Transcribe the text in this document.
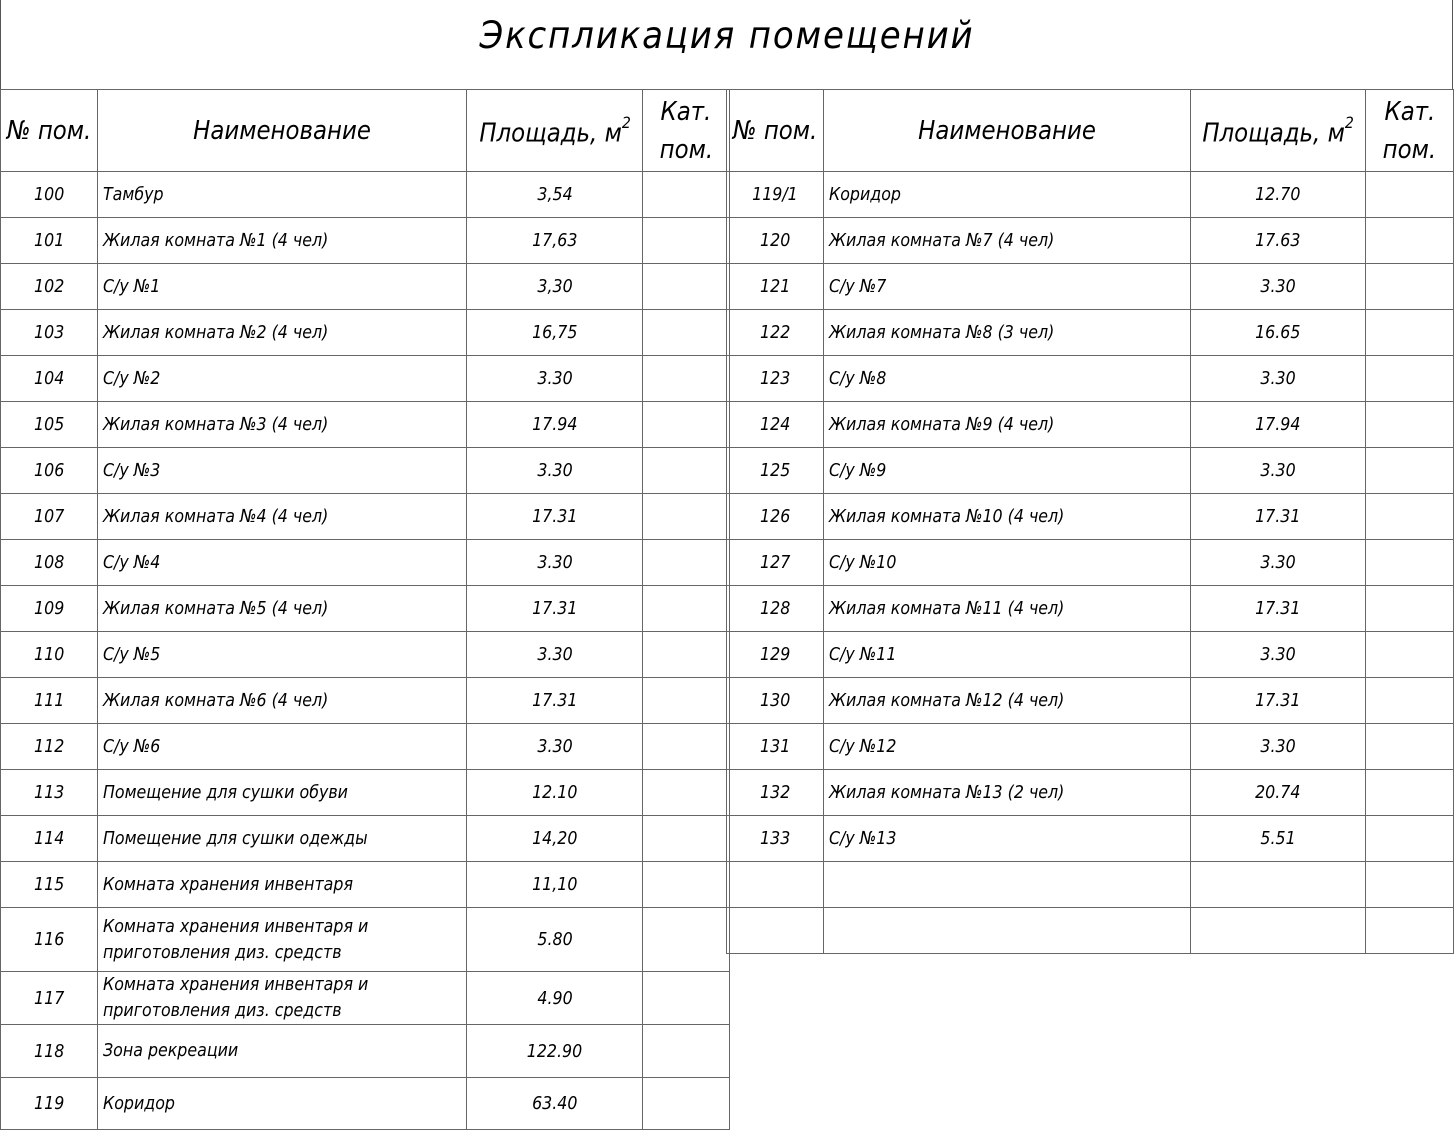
Экспликация помещений
№ пом.	Наименование	Площадь, $м^2$	Кат.
пом.
100	Тамбур	3,54	
101	Жилая комната №1 (4 чел)	17,63	
102	С/у №1	3,30	
103	Жилая комната №2 (4 чел)	16,75	
104	С/у №2	3.30	
105	Жилая комната №3 (4 чел)	17.94	
106	С/у №3	3.30	
107	Жилая комната №4 (4 чел)	17.31	
108	С/у №4	3.30	
109	Жилая комната №5 (4 чел)	17.31	
110	С/у №5	3.30	
111	Жилая комната №6 (4 чел)	17.31	
112	С/у №6	3.30	
113	Помещение для сушки обуви	12.10	
114	Помещение для сушки одежды	14,20	
115	Комната хранения инвентаря	11,10	
116	Комната хранения инвентаря и
приготовления диз. средств	5.80	
117	Комната хранения инвентаря и
приготовления диз. средств	4.90	
118	Зона рекреации	122.90	
119	Коридор	63.40	
№ пом.	Наименование	Площадь, $м^2$	Кат.
пом.
119/1	Коридор	12.70	
120	Жилая комната №7 (4 чел)	17.63	
121	С/у №7	3.30	
122	Жилая комната №8 (3 чел)	16.65	
123	С/у №8	3.30	
124	Жилая комната №9 (4 чел)	17.94	
125	С/у №9	3.30	
126	Жилая комната №10 (4 чел)	17.31	
127	С/у №10	3.30	
128	Жилая комната №11 (4 чел)	17.31	
129	С/у №11	3.30	
130	Жилая комната №12 (4 чел)	17.31	
131	С/у №12	3.30	
132	Жилая комната №13 (2 чел)	20.74	
133	С/у №13	5.51	
